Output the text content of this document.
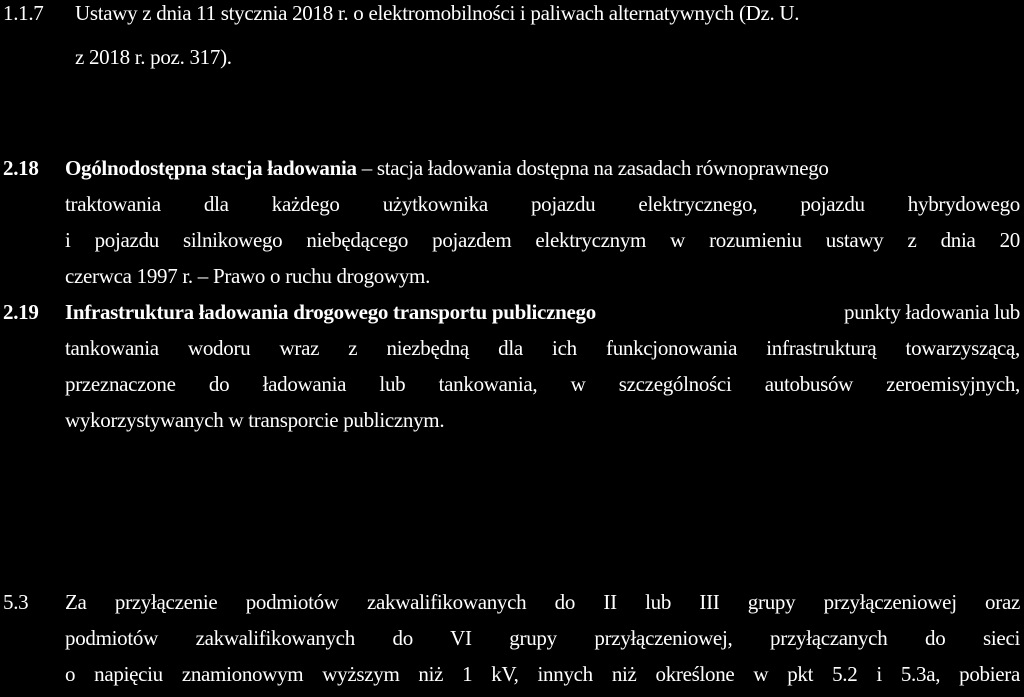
1.1.7 Ustawy z dnia 11 stycznia 2018 r. o elektromobilności i paliwach alternatywnych (Dz. U.
z 2018 r. poz. 317).
2.18 Ogólnodostępna stacja ładowania – stacja ładowania dostępna na zasadach równoprawnego
traktowania dla każdego użytkownika pojazdu elektrycznego, pojazdu hybrydowego
i pojazdu silnikowego niebędącego pojazdem elektrycznym w rozumieniu ustawy z dnia 20
czerwca 1997 r. – Prawo o ruchu drogowym.
2.19 Infrastruktura ładowania drogowego transportu publicznego	punkty ładowania lub
tankowania wodoru wraz z niezbędną dla ich funkcjonowania infrastrukturą towarzyszącą,
przeznaczone do ładowania lub tankowania, w szczególności autobusów zeroemisyjnych,
wykorzystywanych w transporcie publicznym.
5.3 Za przyłączenie podmiotów zakwalifikowanych do II lub III grupy przyłączeniowej oraz
podmiotów zakwalifikowanych do VI grupy przyłączeniowej, przyłączanych do sieci
o napięciu znamionowym wyższym niż 1 kV, innych niż określone w pkt 5.2 i 5.3a, pobiera
